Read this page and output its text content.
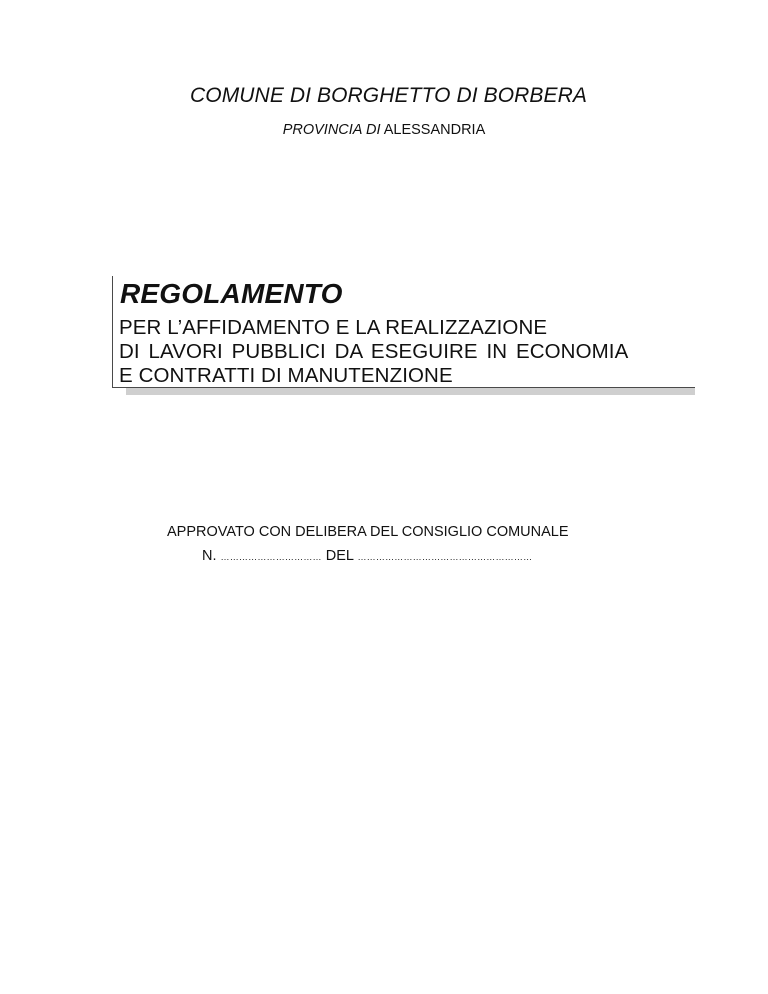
COMUNE DI BORGHETTO DI BORBERA
PROVINCIA DI ALESSANDRIA
REGOLAMENTO
PER L’AFFIDAMENTO E LA REALIZZAZIONE
DI LAVORI PUBBLICI DA ESEGUIRE IN ECONOMIA
E CONTRATTI DI MANUTENZIONE
APPROVATO CON DELIBERA DEL CONSIGLIO COMUNALE
N. …………………………… DEL …………………………………………………
